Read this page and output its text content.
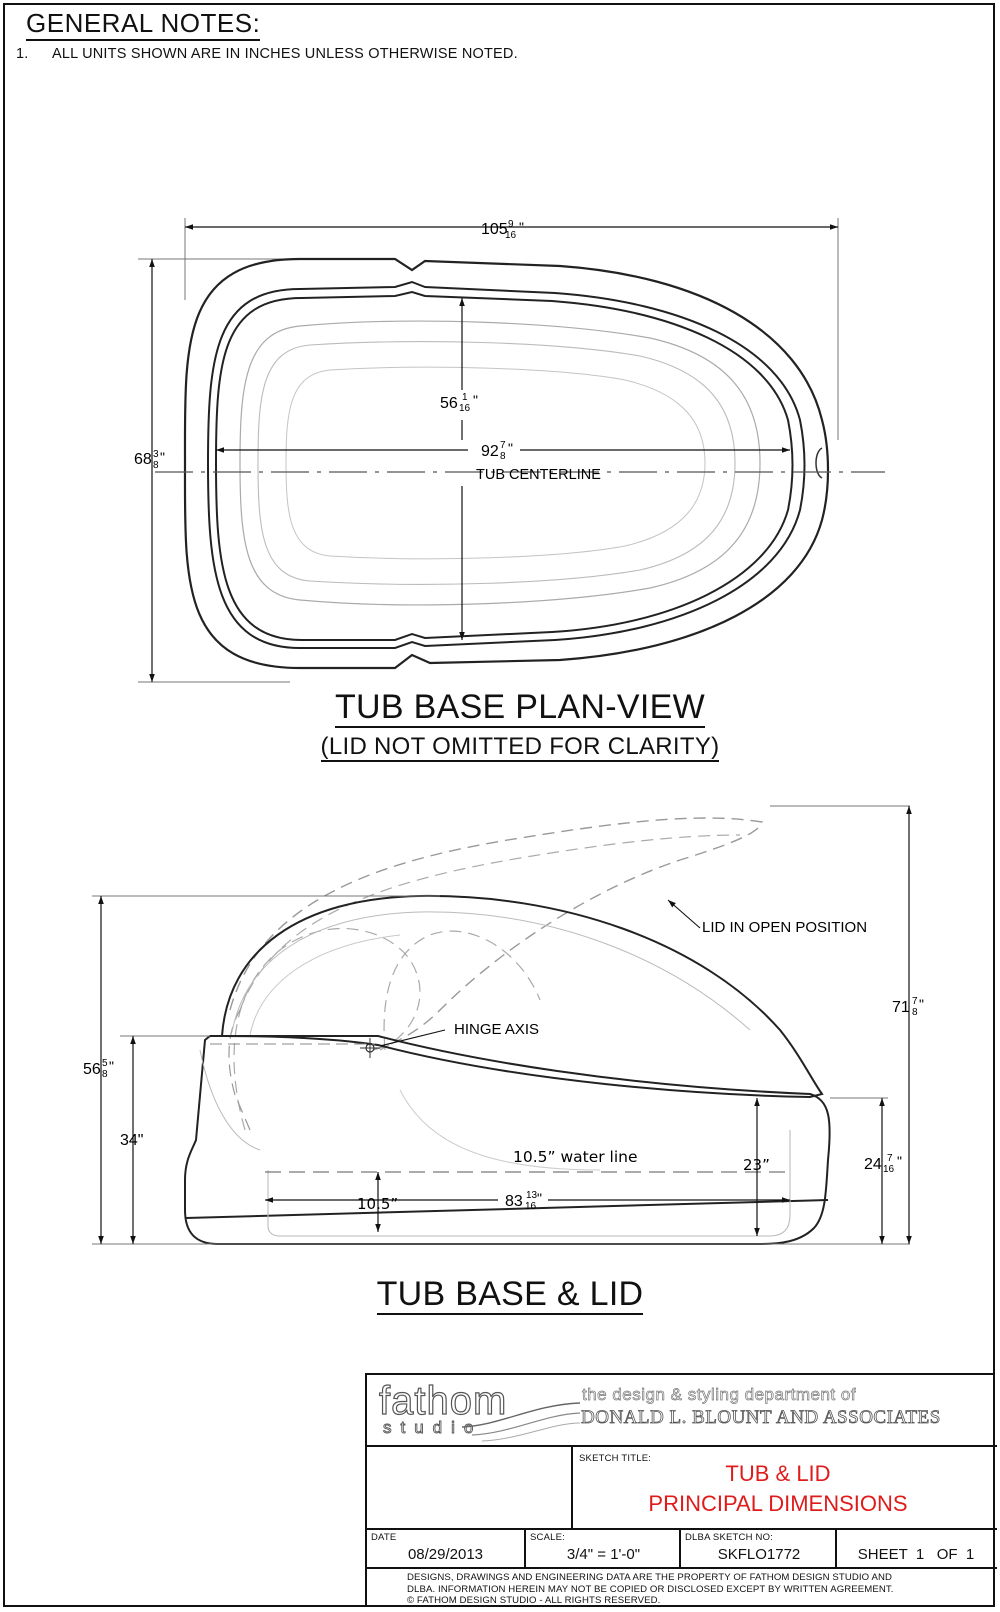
GENERAL NOTES:
1. ALL UNITS SHOWN ARE IN INCHES UNLESS OTHERWISE NOTED.
105 9
16
"
68 3
8
"
56 1
16
"
92 7
8
"
TUB CENTERLINE
LID IN OPEN POSITION
HINGE AXIS
10.5” water line	23”
10.5”
34"
71 7
8
"
56 5
8
"
24 7
16
"
83 13
16
"
TUB BASE PLAN-VIEW
(LID NOT OMITTED FOR CLARITY)
TUB BASE & LID
fathom
studio
the design & styling department of
DONALD L. BLOUNT AND ASSOCIATES
SKETCH TITLE:
TUB & LID
PRINCIPAL DIMENSIONS
DATE
08/29/2013
SCALE:
3/4" = 1'-0"
DLBA SKETCH NO:
SKFLO1772	SHEET  1   OF  1
DESIGNS, DRAWINGS AND ENGINEERING DATA ARE THE PROPERTY OF FATHOM DESIGN STUDIO AND
DLBA. INFORMATION HEREIN MAY NOT BE COPIED OR DISCLOSED EXCEPT BY WRITTEN AGREEMENT.
© FATHOM DESIGN STUDIO - ALL RIGHTS RESERVED.
